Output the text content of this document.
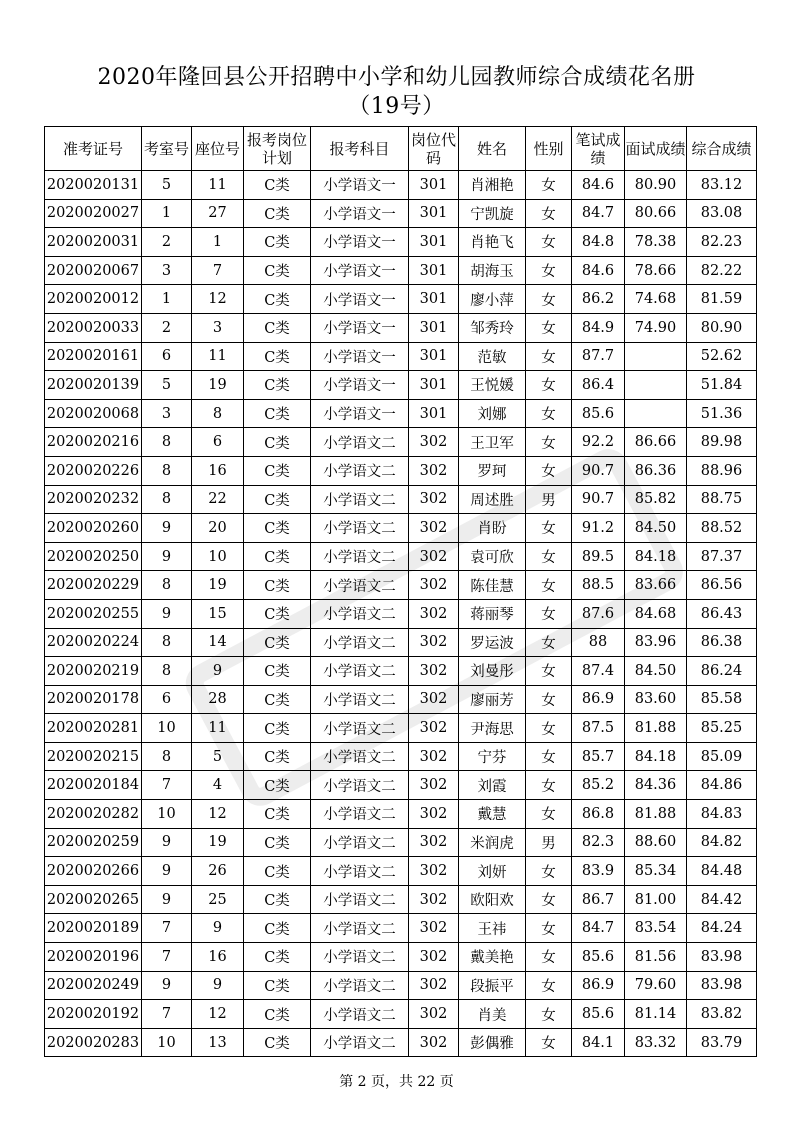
2020年隆回县公开招聘中小学和幼儿园教师综合成绩花名册
（19号）
准考证号	考室号	座位号	报考岗位计划	报考科目	岗位代码	姓名	性别	笔试成绩	面试成绩	综合成绩
2020020131	5	11	C类	小学语文一	301	肖湘艳	女	84.6	80.90	83.12
2020020027	1	27	C类	小学语文一	301	宁凯旋	女	84.7	80.66	83.08
2020020031	2	1	C类	小学语文一	301	肖艳飞	女	84.8	78.38	82.23
2020020067	3	7	C类	小学语文一	301	胡海玉	女	84.6	78.66	82.22
2020020012	1	12	C类	小学语文一	301	廖小萍	女	86.2	74.68	81.59
2020020033	2	3	C类	小学语文一	301	邹秀玲	女	84.9	74.90	80.90
2020020161	6	11	C类	小学语文一	301	范敏	女	87.7		52.62
2020020139	5	19	C类	小学语文一	301	王悦媛	女	86.4		51.84
2020020068	3	8	C类	小学语文一	301	刘娜	女	85.6		51.36
2020020216	8	6	C类	小学语文二	302	王卫军	女	92.2	86.66	89.98
2020020226	8	16	C类	小学语文二	302	罗珂	女	90.7	86.36	88.96
2020020232	8	22	C类	小学语文二	302	周述胜	男	90.7	85.82	88.75
2020020260	9	20	C类	小学语文二	302	肖盼	女	91.2	84.50	88.52
2020020250	9	10	C类	小学语文二	302	袁可欣	女	89.5	84.18	87.37
2020020229	8	19	C类	小学语文二	302	陈佳慧	女	88.5	83.66	86.56
2020020255	9	15	C类	小学语文二	302	蒋丽琴	女	87.6	84.68	86.43
2020020224	8	14	C类	小学语文二	302	罗运波	女	88	83.96	86.38
2020020219	8	9	C类	小学语文二	302	刘曼彤	女	87.4	84.50	86.24
2020020178	6	28	C类	小学语文二	302	廖丽芳	女	86.9	83.60	85.58
2020020281	10	11	C类	小学语文二	302	尹海思	女	87.5	81.88	85.25
2020020215	8	5	C类	小学语文二	302	宁芬	女	85.7	84.18	85.09
2020020184	7	4	C类	小学语文二	302	刘霞	女	85.2	84.36	84.86
2020020282	10	12	C类	小学语文二	302	戴慧	女	86.8	81.88	84.83
2020020259	9	19	C类	小学语文二	302	米润虎	男	82.3	88.60	84.82
2020020266	9	26	C类	小学语文二	302	刘妍	女	83.9	85.34	84.48
2020020265	9	25	C类	小学语文二	302	欧阳欢	女	86.7	81.00	84.42
2020020189	7	9	C类	小学语文二	302	王祎	女	84.7	83.54	84.24
2020020196	7	16	C类	小学语文二	302	戴美艳	女	85.6	81.56	83.98
2020020249	9	9	C类	小学语文二	302	段振平	女	86.9	79.60	83.98
2020020192	7	12	C类	小学语文二	302	肖美	女	85.6	81.14	83.82
2020020283	10	13	C类	小学语文二	302	彭偶雅	女	84.1	83.32	83.79
第 2 页，共 22 页
